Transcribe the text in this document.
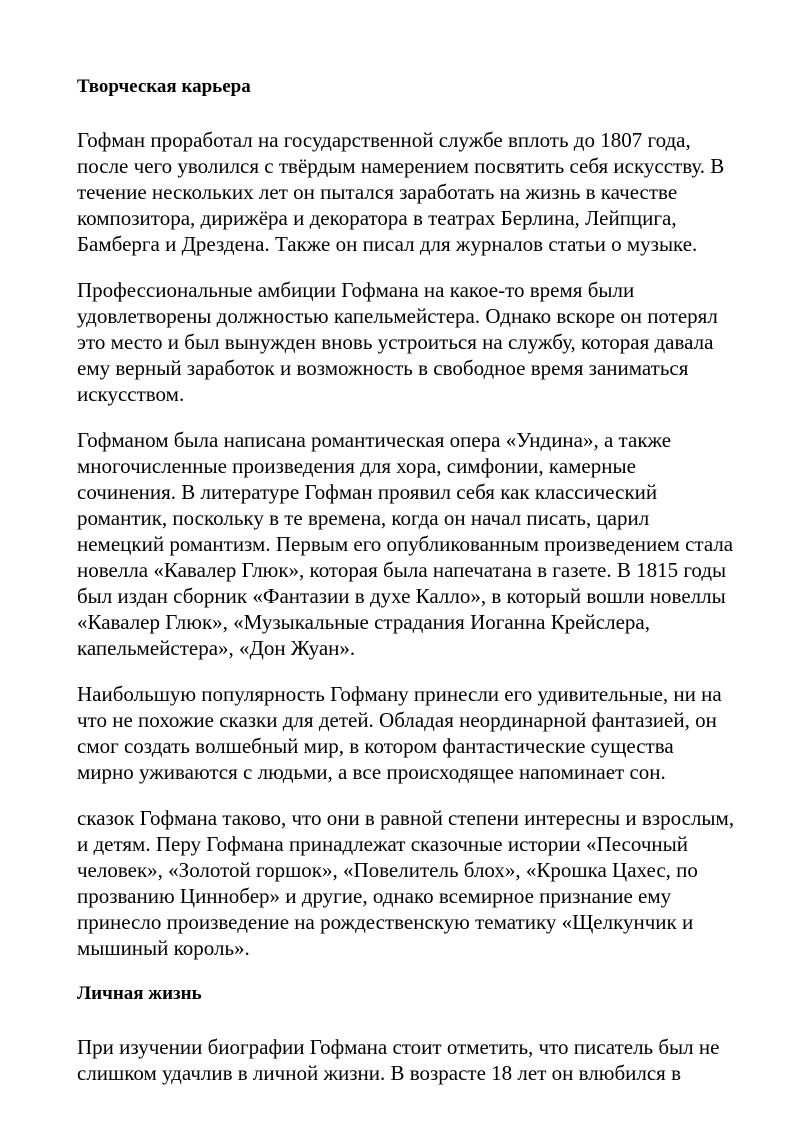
Творческая карьера

Гофман проработал на государственной службе вплоть до 1807 года,
после чего уволился с твёрдым намерением посвятить себя искусству. В
течение нескольких лет он пытался заработать на жизнь в качестве
композитора, дирижёра и декоратора в театрах Берлина, Лейпцига,
Бамберга и Дрездена. Также он писал для журналов статьи о музыке.

Профессиональные амбиции Гофмана на какое-то время были
удовлетворены должностью капельмейстера. Однако вскоре он потерял
это место и был вынужден вновь устроиться на службу, которая давала
ему верный заработок и возможность в свободное время заниматься
искусством.

Гофманом была написана романтическая опера «Ундина», а также
многочисленные произведения для хора, симфонии, камерные
сочинения. В литературе Гофман проявил себя как классический
романтик, поскольку в те времена, когда он начал писать, царил
немецкий романтизм. Первым его опубликованным произведением стала
новелла «Кавалер Глюк», которая была напечатана в газете. В 1815 годы
был издан сборник «Фантазии в духе Калло», в который вошли новеллы
«Кавалер Глюк», «Музыкальные страдания Иоганна Крейслера,
капельмейстера», «Дон Жуан».

Наибольшую популярность Гофману принесли его удивительные, ни на
что не похожие сказки для детей. Обладая неординарной фантазией, он
смог создать волшебный мир, в котором фантастические существа
мирно уживаются с людьми, а все происходящее напоминает сон.

сказок Гофмана таково, что они в равной степени интересны и взрослым,
и детям. Перу Гофмана принадлежат сказочные истории «Песочный
человек», «Золотой горшок», «Повелитель блох», «Крошка Цахес, по
прозванию Циннобер» и другие, однако всемирное признание ему
принесло произведение на рождественскую тематику «Щелкунчик и
мышиный король».

Личная жизнь

При изучении биографии Гофмана стоит отметить, что писатель был не
слишком удачлив в личной жизни. В возрасте 18 лет он влюбился в
